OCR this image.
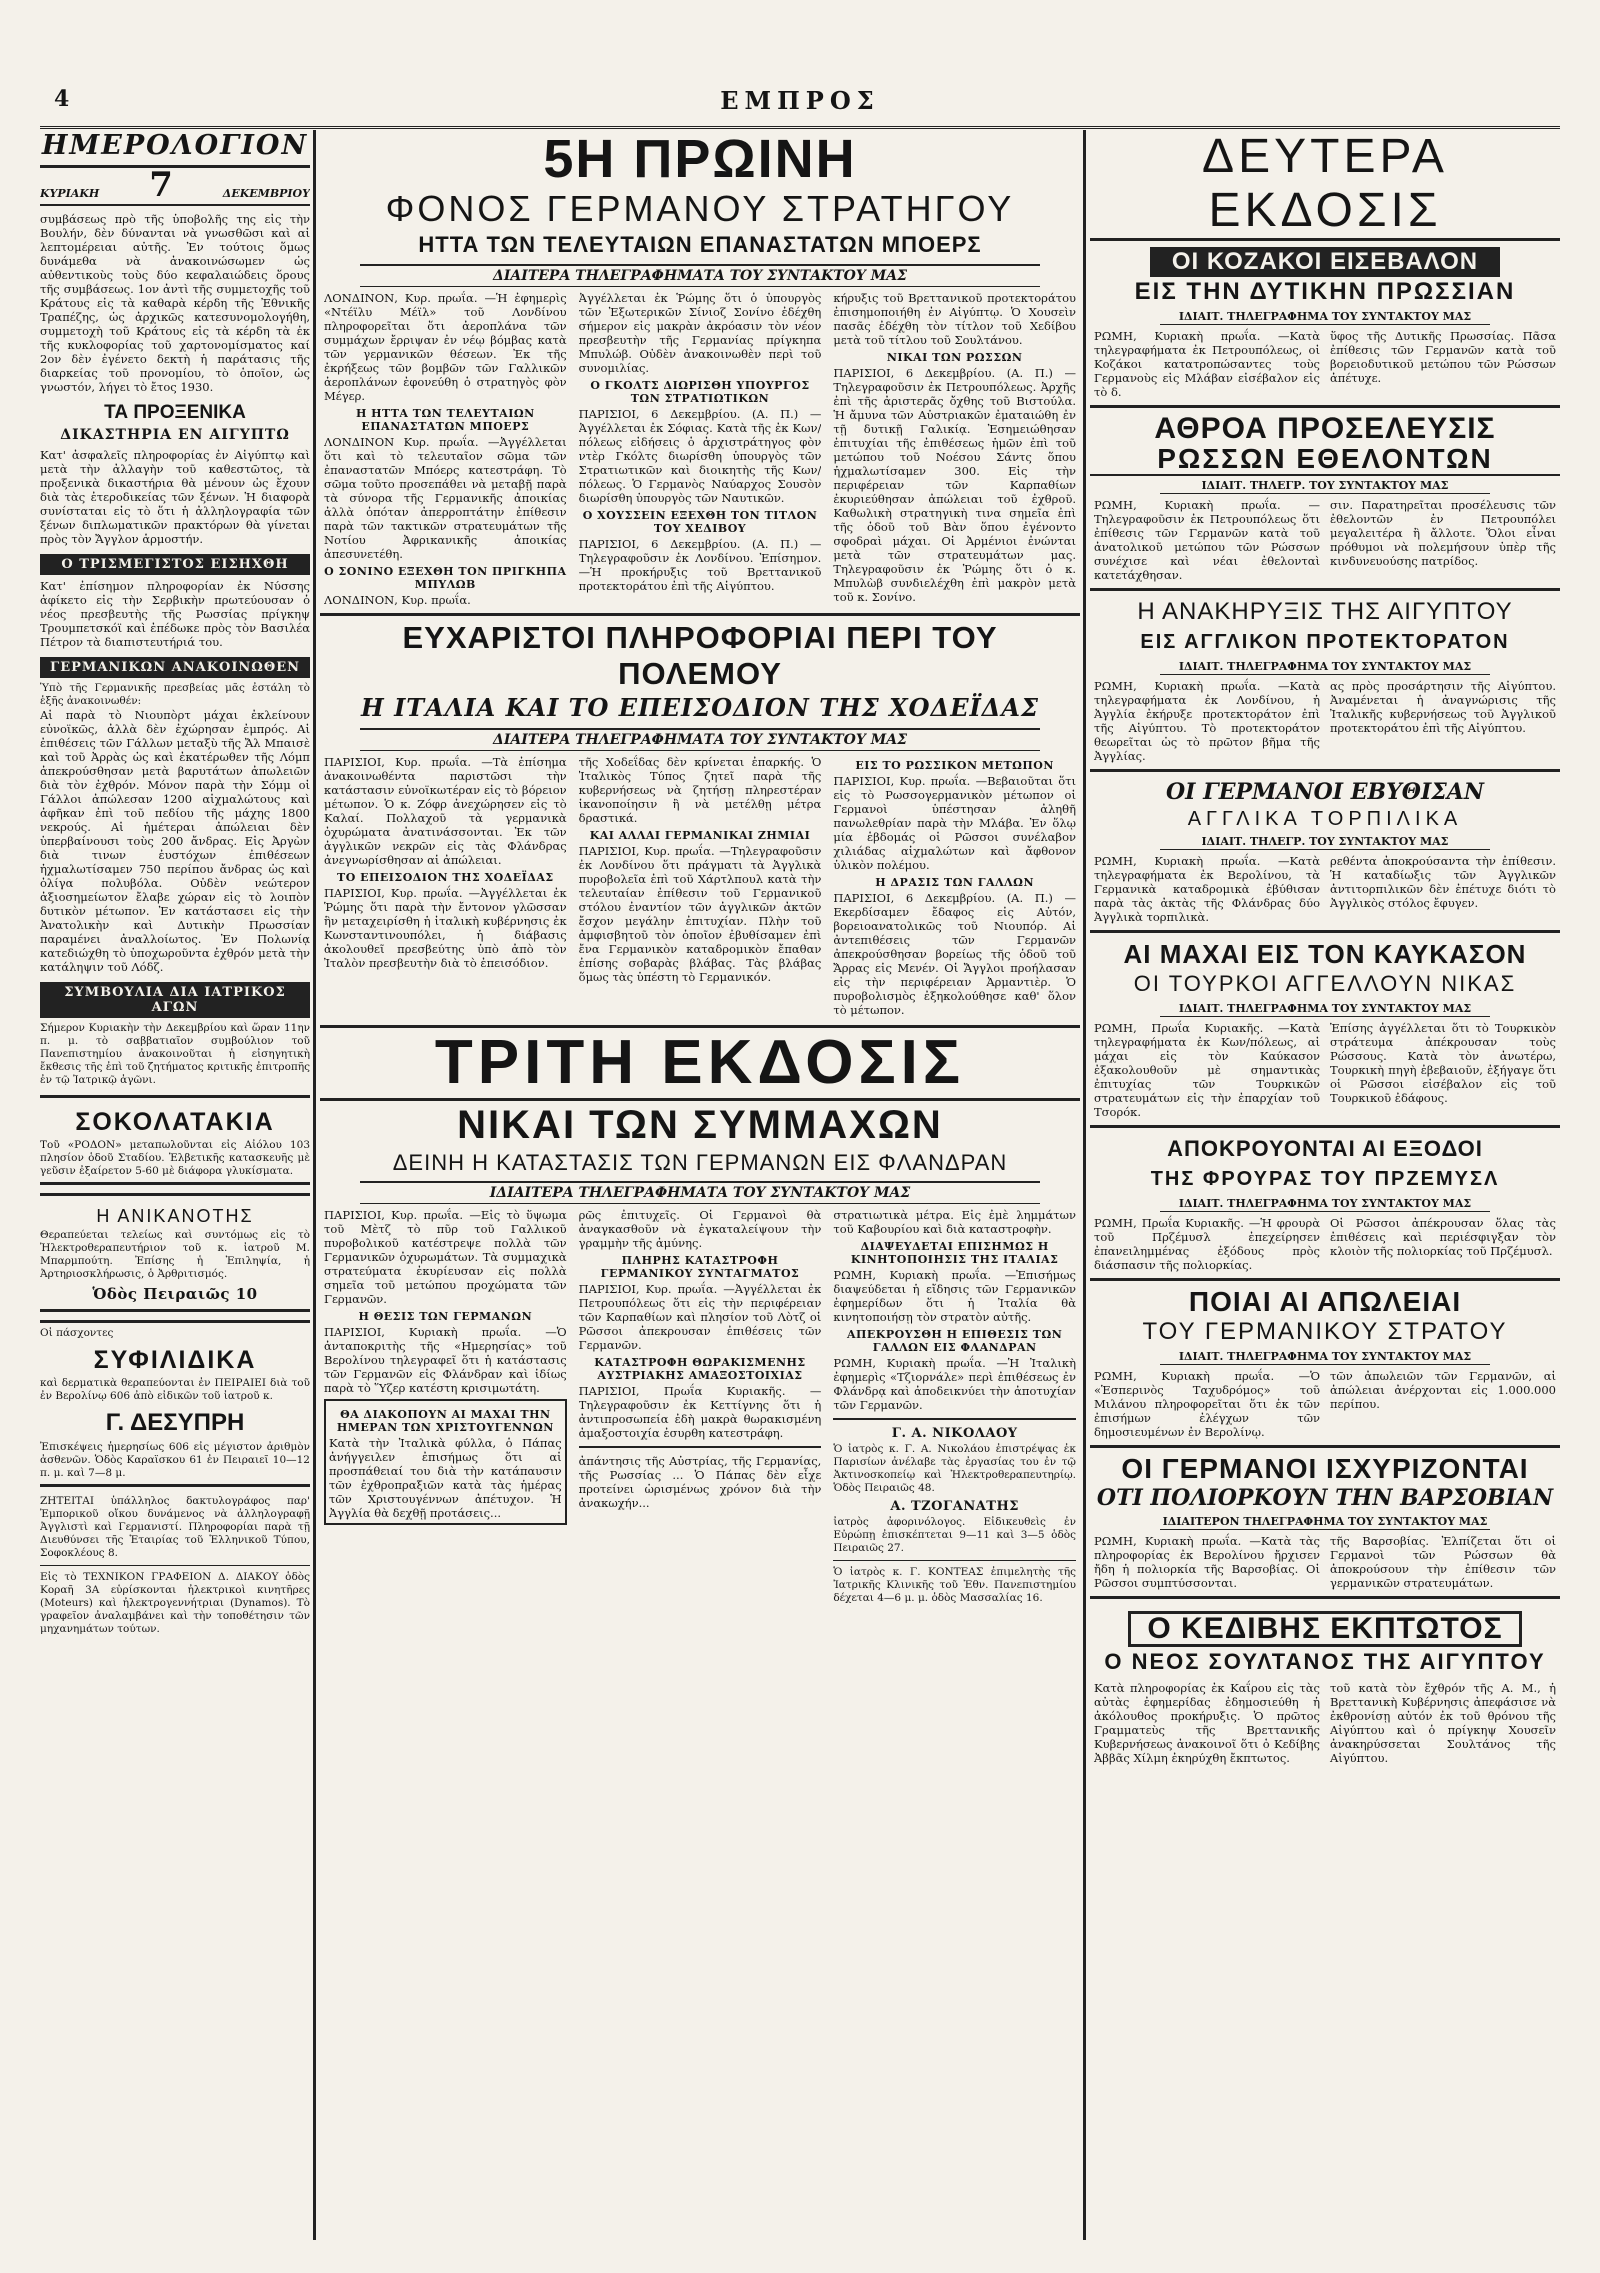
4	ΕΜΠΡΟΣ
ΗΜΕΡΟΛΟΓΙΟΝ
ΚΥΡΙΑΚΗ 7	ΔΕΚΕΜΒΡΙΟΥ

συμβάσεως πρὸ τῆς ὑποβολῆς της εἰς τὴν Βουλήν, δὲν δύνανται νὰ γνωσθῶσι καὶ αἱ λεπτομέρειαι αὐτῆς. Ἐν τούτοις ὅμως δυνάμεθα νὰ ἀνακοινώσωμεν ὡς αὐθεντικοὺς τοὺς δύο κεφαλαιώδεις ὅρους τῆς συμβάσεως. 1ον ἀντὶ τῆς συμμετοχῆς τοῦ Κράτους εἰς τὰ καθαρὰ κέρδη τῆς Ἐθνικῆς Τραπέζης, ὡς ἀρχικῶς κατεσυνομολογήθη, συμμετοχὴ τοῦ Κράτους εἰς τὰ κέρδη τὰ ἐκ τῆς κυκλοφορίας τοῦ χαρτονομίσματος καί 2ον δὲν ἐγένετο δεκτὴ ἡ παράτασις τῆς διαρκείας τοῦ προνομίου, τὸ ὁποῖον, ὡς γνωστόν, λήγει τὸ ἔτος 1930.

ΤΑ ΠΡΟΞΕΝΙΚΑ
ΔΙΚΑΣΤΗΡΙΑ ΕΝ ΑΙΓΥΠΤΩ

Κατ' ἀσφαλεῖς πληροφορίας ἐν Αἰγύπτῳ καὶ μετὰ τὴν ἀλλαγὴν τοῦ καθεστῶτος, τὰ προξενικὰ δικαστήρια θὰ μένουν ὡς ἔχουν διὰ τὰς ἐτεροδικείας τῶν ξένων. Ἡ διαφορὰ συνίσταται εἰς τὸ ὅτι ἡ ἀλληλογραφία τῶν ξένων διπλωματικῶν πρακτόρων θὰ γίνεται πρὸς τὸν Ἄγγλον ἁρμοστήν.

Ο ΤΡΙΣΜΕΓΙΣΤΟΣ ΕΙΣΗΧΘΗ

Κατ' ἐπίσημον πληροφορίαν ἐκ Νύσσης ἀφίκετο εἰς τὴν Σερβικὴν πρωτεύουσαν ὁ νέος πρεσβευτὴς τῆς Ρωσσίας πρίγκηψ Τρουμπετσκόϊ καὶ ἐπέδωκε πρὸς τὸν Βασιλέα Πέτρον τὰ διαπιστευτήριά του.

ΓΕΡΜΑΝΙΚΩΝ ΑΝΑΚΟΙΝΩΘΕΝ

Ὑπὸ τῆς Γερμανικῆς πρεσβείας μᾶς ἐστάλη τὸ ἑξῆς ἀνακοινωθέν:

Αἱ παρὰ τὸ Νιουπὸρτ μάχαι ἐκλείνουν εὐνοϊκῶς, ἀλλὰ δὲν ἐχώρησαν ἐμπρός. Αἱ ἐπιθέσεις τῶν Γάλλων μεταξὺ τῆς Ἄλ Μπαισὲ καὶ τοῦ Ἀρρὰς ὡς καὶ ἐκατέρωθεν τῆς Λόμπ ἀπεκρούσθησαν μετὰ βαρυτάτων ἀπωλειῶν διὰ τὸν ἐχθρόν. Μόνον παρὰ τὴν Σόμμ οἱ Γάλλοι ἀπώλεσαν 1200 αἰχμαλώτους καὶ ἀφῆκαν ἐπὶ τοῦ πεδίου τῆς μάχης 1800 νεκρούς. Αἱ ἡμέτεραι ἀπώλειαι δὲν ὑπερβαίνουσι τοὺς 200 ἄνδρας. Εἰς Ἀργὼν διὰ τινων ἐυστόχων ἐπιθέσεων ἠχμαλωτίσαμεν 750 περίπου ἄνδρας ὡς καὶ ὀλίγα πολυβόλα. Οὐδὲν νεώτερον ἀξιοσημείωτον ἔλαβε χώραν εἰς τὸ λοιπὸν δυτικὸν μέτωπον. Ἐν κατάστασει εἰς τὴν Ἀνατολικὴν καὶ Δυτικὴν Πρωσσίαν παραμένει ἀναλλοίωτος. Ἐν Πολωνίᾳ κατεδιώχθη τὸ ὑποχωροῦντα ἐχθρόν μετὰ τὴν κατάληψιν τοῦ Λόδζ.

ΣΥΜΒΟΥΛΙΑ ΔΙΑ ΙΑΤΡΙΚΟΣ ΑΓΩΝ

Σήμερον Κυριακὴν τὴν Δεκεμβρίου καὶ ὥραν 11ην π. μ. τὸ σαββατιαῖον συμβούλιον τοῦ Πανεπιστημίου ἀνακοινοῦται ἡ εἰσηγητικὴ ἔκθεσις τῆς ἐπὶ τοῦ ζητήματος κριτικῆς ἐπιτροπῆς ἐν τῷ Ἰατρικῷ ἀγῶνι.

ΣΟΚΟΛΑΤΑΚΙΑ

Τοῦ «ΡΟΔΟΝ» μεταπωλοῦνται εἰς Αἰόλου 103 πλησίον ὁδοῦ Σταδίου. Ἑλβετικῆς κατασκευῆς μὲ γεῦσιν ἐξαίρετον 5-60 μὲ διάφορα γλυκίσματα.

Η ΑΝΙΚΑΝΟΤΗΣ

Θεραπεύεται τελείως καὶ συντόμως εἰς τὸ Ἠλεκτροθεραπευτήριον τοῦ κ. ἰατροῦ Μ. Μπαρμπούτη. Ἐπίσης ἡ Ἐπιληψία, ἡ Ἀρτηριοσκλήρωσις, ὁ Ἀρθριτισμός.

Ὁδὸς Πειραιῶς 10

Οἱ πάσχοντες

ΣΥΦΙΛΙΔΙΚΑ

καὶ δερματικὰ θεραπεύονται ἐν ΠΕΙΡΑΙΕΙ διὰ τοῦ ἐν Βερολίνῳ 606 ἀπὸ εἰδικῶν τοῦ ἰατροῦ κ.

Γ. ΔΕΣΥΠΡΗ

Ἐπισκέψεις ἡμερησίως 606 εἰς μέγιστον ἀριθμὸν ἀσθενῶν. Ὁδὸς Καραϊσκου 61 ἐν Πειραιεῖ 10—12 π. μ. καὶ 7—8 μ.

ΖΗΤΕΙΤΑΙ ὑπάλληλος δακτυλογράφος παρ' Ἐμπορικοῦ οἴκου δυνάμενος νὰ ἀλληλογραφῇ Ἀγγλιστὶ καὶ Γερμανιστί. Πληροφορίαι παρὰ τῇ Διευθύνσει τῆς Ἑταιρίας τοῦ Ἑλληνικοῦ Τύπου, Σοφοκλέους 8.

Εἰς τὸ ΤΕΧΝΙΚΟΝ ΓΡΑΦΕΙΟΝ Δ. ΔΙΑΚΟΥ ὁδὸς Κοραῆ 3Α εὑρίσκονται ἠλεκτρικοὶ κινητῆρες (Moteurs) καὶ ἠλεκτρογεννήτριαι (Dynamos). Τὸ γραφεῖον ἀναλαμβάνει καὶ τὴν τοποθέτησιν τῶν μηχανημάτων τούτων.

5Η ΠΡΩΙΝΗ
ΦΟΝΟΣ ΓΕΡΜΑΝΟΥ ΣΤΡΑΤΗΓΟΥ
ΗΤΤΑ ΤΩΝ ΤΕΛΕΥΤΑΙΩΝ ΕΠΑΝΑΣΤΑΤΩΝ ΜΠΟΕΡΣ
ΔΙΑΙΤΕΡΑ ΤΗΛΕΓΡΑΦΗΜΑΤΑ ΤΟΥ ΣΥΝΤΑΚΤΟΥ ΜΑΣ

ΛΟΝΔΙΝΟΝ, Κυρ. πρωΐα. —Ἡ ἐφημερὶς «Ντέϊλυ Μέϊλ» τοῦ Λονδίνου πληροφορεῖται ὅτι ἀεροπλάνα τῶν συμμάχων ἔρριψαν ἐν νέῳ βόμβας κατὰ τῶν γερμανικῶν θέσεων. Ἐκ τῆς ἐκρήξεως τῶν βομβῶν τῶν Γαλλικῶν ἀεροπλάνων ἐφονεύθη ὁ στρατηγὸς φὸν Μέγερ.

Η ΗΤΤΑ ΤΩΝ ΤΕΛΕΥΤΑΙΩΝ ΕΠΑΝΑΣΤΑΤΩΝ ΜΠΟΕΡΣ

ΛΟΝΔΙΝΟΝ Κυρ. πρωΐα. —Ἀγγέλλεται ὅτι καὶ τὸ τελευταῖον σῶμα τῶν ἐπαναστατῶν Μπόερς κατεστράφη. Τὸ σῶμα τοῦτο προσεπάθει νὰ μεταβῇ παρὰ τὰ σύνορα τῆς Γερμανικῆς ἀποικίας ἀλλὰ ὁπόταν ἀπερροπτάτην ἐπίθεσιν παρὰ τῶν τακτικῶν στρατευμάτων τῆς Νοτίου Ἀφρικανικῆς ἀποικίας ἀπεσυνετέθη.

Ο ΣΟΝΙΝΟ ΕΞΕΧΘΗ ΤΟΝ ΠΡΙΓΚΗΠΑ ΜΠΥΛΩΒ

ΛΟΝΔΙΝΟΝ, Κυρ. πρωΐα.

Ἀγγέλλεται ἐκ Ῥώμης ὅτι ὁ ὑπουργὸς τῶν Ἐξωτερικῶν Σίνιοζ Σονίνο ἐδέχθη σήμερον εἰς μακρὰν ἀκρόασιν τὸν νέον πρεσβευτὴν τῆς Γερμανίας πρίγκηπα Μπυλώβ. Οὐδὲν ἀνακοινωθὲν περὶ τοῦ συνομιλίας.

Ο ΓΚΟΛΤΣ ΔΙΩΡΙΣΘΗ ΥΠΟΥΡΓΟΣ ΤΩΝ ΣΤΡΑΤΙΩΤΙΚΩΝ

ΠΑΡΙΣΙΟΙ, 6 Δεκεμβρίου. (Α. Π.) —Ἀγγέλλεται ἐκ Σόφιας. Κατὰ τῆς ἐκ Κων/πόλεως εἰδήσεις ὁ ἀρχιστράτηγος φὸν ντὲρ Γκόλτς διωρίσθη ὑπουργὸς τῶν Στρατιωτικῶν καὶ διοικητὴς τῆς Κων/πόλεως. Ὁ Γερμανὸς Ναύαρχος Σουσὸν διωρίσθη ὑπουργὸς τῶν Ναυτικῶν.

Ο ΧΟΥΣΣΕΙΝ ΕΞΕΧΘΗ ΤΟΝ ΤΙΤΛΟΝ ΤΟΥ ΧΕΔΙΒΟΥ

ΠΑΡΙΣΙΟΙ, 6 Δεκεμβρίου. (Α. Π.) —Τηλεγραφοῦσιν ἐκ Λονδίνου. Ἐπίσημον. —Ἡ προκήρυξις τοῦ Βρεττανικοῦ προτεκτοράτου ἐπὶ τῆς Αἰγύπτου.

κήρυξις τοῦ Βρεττανικοῦ προτεκτοράτου ἐπισημοποιήθη ἐν Αἰγύπτῳ. Ὁ Χουσεὶν πασᾶς ἐδέχθη τὸν τίτλον τοῦ Χεδίβου μετὰ τοῦ τίτλου τοῦ Σουλτάνου.

ΝΙΚΑΙ ΤΩΝ ΡΩΣΣΩΝ

ΠΑΡΙΣΙΟΙ, 6 Δεκεμβρίου. (Α. Π.) —Τηλεγραφοῦσιν ἐκ Πετρουπόλεως. Ἀρχῆς ἐπὶ τῆς ἀριστερᾶς ὄχθης τοῦ Βιστούλα. Ἡ ἄμυνα τῶν Αὐστριακῶν ἐματαιώθη ἐν τῇ δυτικῇ Γαλικίᾳ. Ἐσημειώθησαν ἐπιτυχίαι τῆς ἐπιθέσεως ἡμῶν ἐπὶ τοῦ μετώπου τοῦ Νοέσου Σάντς ὅπου ἠχμαλωτίσαμεν 300. Εἰς τὴν περιφέρειαν τῶν Καρπαθίων ἐκυριεύθησαν ἀπώλειαι τοῦ ἐχθροῦ. Καθωλικὴ στρατηγικὴ τινα σημεῖα ἐπὶ τῆς ὁδοῦ τοῦ Βὰν ὅπου ἐγένοντο σφοδραὶ μάχαι. Οἱ Ἀρμένιοι ἐνώνται μετὰ τῶν στρατευμάτων μας. Τηλεγραφοῦσιν ἐκ Ῥώμης ὅτι ὁ κ. Μπυλὼβ συνδιελέχθη ἐπὶ μακρὸν μετὰ τοῦ κ. Σονίνο.

ΕΥΧΑΡΙΣΤΟΙ ΠΛΗΡΟΦΟΡΙΑΙ ΠΕΡΙ ΤΟΥ ΠΟΛΕΜΟΥ
Η ΙΤΑΛΙΑ ΚΑΙ ΤΟ ΕΠΕΙΣΟΔΙΟΝ ΤΗΣ ΧΟΔΕΪΔΑΣ
ΔΙΑΙΤΕΡΑ ΤΗΛΕΓΡΑΦΗΜΑΤΑ ΤΟΥ ΣΥΝΤΑΚΤΟΥ ΜΑΣ

ΠΑΡΙΣΙΟΙ, Κυρ. πρωΐα. —Τὰ ἐπίσημα ἀνακοινωθέντα παριστῶσι τὴν κατάστασιν εὐνοϊκωτέραν εἰς τὸ βόρειον μέτωπον. Ὁ κ. Ζόφρ ἀνεχώρησεν εἰς τὸ Καλαί. Πολλαχοῦ τὰ γερμανικὰ ὀχυρώματα ἀνατινάσσονται. Ἐκ τῶν ἀγγλικῶν νεκρῶν εἰς τὰς Φλάνδρας ἀνεγνωρίσθησαν αἱ ἀπώλειαι.

ΤΟ ΕΠΕΙΣΟΔΙΟΝ ΤΗΣ ΧΟΔΕΪΔΑΣ

ΠΑΡΙΣΙΟΙ, Κυρ. πρωΐα. —Ἀγγέλλεται ἐκ Ῥώμης ὅτι παρὰ τὴν ἔντονον γλῶσσαν ἣν μεταχειρίσθη ἡ ἰταλικὴ κυβέρνησις ἐκ Κωνσταντινουπόλει, ἡ διάβασις ἀκολουθεῖ πρεσβεύτης ὑπὸ ἀπὸ τὸν Ἰταλὸν πρεσβευτὴν διὰ τὸ ἐπεισόδιον.

τῆς Χοδεΐδας δὲν κρίνεται ἐπαρκής. Ὁ Ἰταλικὸς Τύπος ζητεῖ παρὰ τῆς κυβερνήσεως νὰ ζητήσῃ πληρεστέραν ἱκανοποίησιν ἢ νὰ μετέλθῃ μέτρα δραστικά.

ΚΑΙ ΑΛΛΑΙ ΓΕΡΜΑΝΙΚΑΙ ΖΗΜΙΑΙ

ΠΑΡΙΣΙΟΙ, Κυρ. πρωΐα. —Τηλεγραφοῦσιν ἐκ Λονδίνου ὅτι πράγματι τὰ Ἀγγλικὰ πυροβολεῖα ἐπὶ τοῦ Χάρτλπουλ κατὰ τὴν τελευταίαν ἐπίθεσιν τοῦ Γερμανικοῦ στόλου ἐναντίον τῶν ἀγγλικῶν ἀκτῶν ἔσχον μεγάλην ἐπιτυχίαν. Πλὴν τοῦ ἀμφισβητοῦ τὸν ὁποῖον ἐβυθίσαμεν ἐπὶ ἔνα Γερμανικὸν καταδρομικὸν ἔπαθαν ἐπίσης σοβαρὰς βλάβας. Τὰς βλάβας ὅμως τὰς ὑπέστη τὸ Γερμανικόν.

ΕΙΣ ΤΟ ΡΩΣΣΙΚΟΝ ΜΕΤΩΠΟΝ

ΠΑΡΙΣΙΟΙ, Κυρ. πρωΐα. —Βεβαιοῦται ὅτι εἰς τὸ Ρωσσογερμανικὸν μέτωπον οἱ Γερμανοὶ ὑπέστησαν ἀληθῆ πανωλεθρίαν παρὰ τὴν Μλάβα. Ἐν ὅλῳ μία ἑβδομάς οἱ Ρῶσσοι συνέλαβον χιλιάδας αἰχμαλώτων καὶ ἄφθονον ὑλικὸν πολέμου.

Η ΔΡΑΣΙΣ ΤΩΝ ΓΑΛΛΩΝ

ΠΑΡΙΣΙΟΙ, 6 Δεκεμβρίου. (Α. Π.) —Εκερδίσαμεν ἔδαφος εἰς Αὐτόν, βορειοανατολικῶς τοῦ Νιουπόρ. Αἱ ἀντεπιθέσεις τῶν Γερμανῶν ἀπεκρούσθησαν βορείως τῆς ὁδοῦ τοῦ Ἄρρας εἰς Μενέν. Οἱ Ἄγγλοι προήλασαν εἰς τὴν περιφέρειαν Ἀρμαντιὲρ. Ὁ πυροβολισμὸς ἐξηκολούθησε καθ' ὅλον τὸ μέτωπον.

ΤΡΙΤΗ ΕΚΔΟΣΙΣ
ΝΙΚΑΙ ΤΩΝ ΣΥΜΜΑΧΩΝ
ΔΕΙΝΗ Η ΚΑΤΑΣΤΑΣΙΣ ΤΩΝ ΓΕΡΜΑΝΩΝ ΕΙΣ ΦΛΑΝΔΡΑΝ
ΙΔΙΑΙΤΕΡΑ ΤΗΛΕΓΡΑΦΗΜΑΤΑ ΤΟΥ ΣΥΝΤΑΚΤΟΥ ΜΑΣ

ΠΑΡΙΣΙΟΙ, Κυρ. πρωΐα. —Εἰς τὸ ὕψωμα τοῦ Μὲτζ τὸ πῦρ τοῦ Γαλλικοῦ πυροβολικοῦ κατέστρεψε πολλὰ τῶν Γερμανικῶν ὀχυρωμάτων. Τὰ συμμαχικὰ στρατεύματα ἐκυρίευσαν εἰς πολλὰ σημεῖα τοῦ μετώπου προχώματα τῶν Γερμανῶν.

Η ΘΕΣΙΣ ΤΩΝ ΓΕΡΜΑΝΩΝ

ΠΑΡΙΣΙΟΙ, Κυριακὴ πρωΐα. —Ὁ ἀνταποκριτὴς τῆς «Ημερησίας» τοῦ Βερολίνου τηλεγραφεῖ ὅτι ἡ κατάστασις τῶν Γερμανῶν εἰς Φλάνδραν καὶ ἰδίως παρὰ τὸ Ὕζερ κατέστη κρισιμωτάτη.

ΘΑ ΔΙΑΚΟΠΟΥΝ ΑΙ ΜΑΧΑΙ ΤΗΝ ΗΜΕΡΑΝ ΤΩΝ ΧΡΙΣΤΟΥΓΕΝΝΩΝ

Κατὰ τὴν Ἰταλικὰ φύλλα, ὁ Πάπας ἀνήγγειλεν ἐπισήμως ὅτι αἱ προσπάθειαί του διὰ τὴν κατάπαυσιν τῶν ἐχθροπραξιῶν κατὰ τὰς ἡμέρας τῶν Χριστουγέννων ἀπέτυχον. Ἡ Ἀγγλία θὰ δεχθῇ προτάσεις...

ρῶς ἐπιτυχεῖς. Οἱ Γερμανοὶ θὰ ἀναγκασθοῦν νὰ ἐγκαταλείψουν τὴν γραμμὴν τῆς ἀμύνης.

ΠΛΗΡΗΣ ΚΑΤΑΣΤΡΟΦΗ ΓΕΡΜΑΝΙΚΟΥ ΣΥΝΤΑΓΜΑΤΟΣ

ΠΑΡΙΣΙΟΙ, Κυρ. πρωΐα. —Ἀγγέλλεται ἐκ Πετρουπόλεως ὅτι εἰς τὴν περιφέρειαν τῶν Καρπαθίων καὶ πλησίον τοῦ Λὸτζ οἱ Ρῶσσοι ἀπεκρουσαν ἐπιθέσεις τῶν Γερμανῶν.

ΚΑΤΑΣΤΡΟΦΗ ΘΩΡΑΚΙΣΜΕΝΗΣ ΑΥΣΤΡΙΑΚΗΣ ΑΜΑΞΟΣΤΟΙΧΙΑΣ

ΠΑΡΙΣΙΟΙ, Πρωΐα Κυριακῆς. —Τηλεγραφοῦσιν ἐκ Κεττίγνης ὅτι ἡ ἀντιπροσωπεία ἐδὴ μακρὰ θωρακισμένη ἀμαξοστοιχία ἐσυρθη κατεστράφη.

ἀπάντησις τῆς Αὐστρίας, τῆς Γερμανίας, τῆς Ρωσσίας ... Ὁ Πάπας δὲν εἶχε προτείνει ὡρισμένως χρόνον διὰ τὴν ἀνακωχήν...

στρατιωτικὰ μέτρα. Εἰς ἐμὲ λημμάτων τοῦ Καβουρίου καὶ διὰ καταστροφὴν.

ΔΙΑΨΕΥΔΕΤΑΙ ΕΠΙΣΗΜΩΣ Η ΚΙΝΗΤΟΠΟΙΗΣΙΣ ΤΗΣ ΙΤΑΛΙΑΣ

ΡΩΜΗ, Κυριακὴ πρωΐα. —Ἐπισήμως διαψεύδεται ἡ εἴδησις τῶν Γερμανικῶν ἐφημερίδων ὅτι ἡ Ἰταλία θὰ κινητοποιήσῃ τὸν στρατὸν αὐτῆς.

ΑΠΕΚΡΟΥΣΘΗ Η ΕΠΙΘΕΣΙΣ ΤΩΝ ΓΑΛΛΩΝ ΕΙΣ ΦΛΑΝΔΡΑΝ

ΡΩΜΗ, Κυριακὴ πρωΐα. —Ἡ Ἰταλικὴ ἐφημερὶς «Τζιορνάλε» περὶ ἐπιθέσεως ἐν Φλάνδρᾳ καὶ ἀποδεικνύει τὴν ἀποτυχίαν τῶν Γερμανῶν.

Γ. Α. ΝΙΚΟΛΑΟΥ

Ὁ ἰατρὸς κ. Γ. Α. Νικολάου ἐπιστρέψας ἐκ Παρισίων ἀνέλαβε τὰς ἐργασίας του ἐν τῷ Ἀκτινοσκοπείῳ καὶ Ἠλεκτροθεραπευτηρίῳ. Ὁδὸς Πειραιῶς 48.

Α. ΤΖΟΓΑΝΑΤΗΣ

ἰατρὸς ἀφορινόλογος. Εἰδικευθεὶς ἐν Εὐρώπῃ ἐπισκέπτεται 9—11 καὶ 3—5 ὁδὸς Πειραιῶς 27.

Ὁ ἰατρὸς κ. Γ. ΚΟΝΤΕΑΣ ἐπιμελητὴς τῆς Ἰατρικῆς Κλινικῆς τοῦ Ἐθν. Πανεπιστημίου δέχεται 4—6 μ. μ. ὁδὸς Μασσαλίας 16.

ΔΕΥΤΕΡΑ ΕΚΔΟΣΙΣ
ΟΙ ΚΟΖΑΚΟΙ ΕΙΣΕΒΑΛΟΝ
ΕΙΣ ΤΗΝ ΔΥΤΙΚΗΝ ΠΡΩΣΣΙΑΝ
ΙΔΙΑΙΤ. ΤΗΛΕΓΡΑΦΗΜΑ ΤΟΥ ΣΥΝΤΑΚΤΟΥ ΜΑΣ

ΡΩΜΗ, Κυριακὴ πρωΐα. —Κατὰ τηλεγραφήματα ἐκ Πετρουπόλεως, οἱ Κοζάκοι κατατροπώσαντες τοὺς Γερμανοὺς εἰς Μλάβαν εἰσέβαλον εἰς τὸ δ.

ὕφος τῆς Δυτικῆς Πρωσσίας. Πᾶσα ἐπίθεσις τῶν Γερμανῶν κατὰ τοῦ βορειοδυτικοῦ μετώπου τῶν Ρώσσων ἀπέτυχε.

ΑΘΡΟΑ ΠΡΟΣΕΛΕΥΣΙΣ
ΡΩΣΣΩΝ ΕΘΕΛΟΝΤΩΝ
ΙΔΙΑΙΤ. ΤΗΛΕΓΡ. ΤΟΥ ΣΥΝΤΑΚΤΟΥ ΜΑΣ

ΡΩΜΗ, Κυριακὴ πρωΐα. —Τηλεγραφοῦσιν ἐκ Πετρουπόλεως ὅτι ἐπίθεσις τῶν Γερμανῶν κατὰ τοῦ ἀνατολικοῦ μετώπου τῶν Ρώσσων συνέχισε καὶ νέαι ἐθελονταὶ κατετάχθησαν.

σιν. Παρατηρεῖται προσέλευσις τῶν ἐθελοντῶν ἐν Πετρουπόλει μεγαλειτέρα ἢ ἄλλοτε. Ὅλοι εἶναι πρόθυμοι νὰ πολεμήσουν ὑπὲρ τῆς κινδυνευούσης πατρίδος.

Η ΑΝΑΚΗΡΥΞΙΣ ΤΗΣ ΑΙΓΥΠΤΟΥ
ΕΙΣ ΑΓΓΛΙΚΟΝ ΠΡΟΤΕΚΤΟΡΑΤΟΝ
ΙΔΙΑΙΤ. ΤΗΛΕΓΡΑΦΗΜΑ ΤΟΥ ΣΥΝΤΑΚΤΟΥ ΜΑΣ

ΡΩΜΗ, Κυριακὴ πρωΐα. —Κατὰ τηλεγραφήματα ἐκ Λονδίνου, ἡ Ἀγγλία ἐκήρυξε προτεκτοράτον ἐπὶ τῆς Αἰγύπτου. Τὸ προτεκτοράτον θεωρεῖται ὡς τὸ πρῶτον βῆμα τῆς Ἀγγλίας.

ας πρὸς προσάρτησιν τῆς Αἰγύπτου. Ἀναμένεται ἡ ἀναγνώρισις τῆς Ἰταλικῆς κυβερνήσεως τοῦ Ἀγγλικοῦ προτεκτοράτου ἐπὶ τῆς Αἰγύπτου.

ΟΙ ΓΕΡΜΑΝΟΙ ΕΒΥΘΙΣΑΝ
ΑΓΓΛΙΚΑ ΤΟΡΠΙΛΙΚΑ
ΙΔΙΑΙΤ. ΤΗΛΕΓΡ. ΤΟΥ ΣΥΝΤΑΚΤΟΥ ΜΑΣ

ΡΩΜΗ, Κυριακὴ πρωΐα. —Κατὰ τηλεγραφήματα ἐκ Βερολίνου, τὰ Γερμανικὰ καταδρομικὰ ἐβύθισαν παρὰ τὰς ἀκτὰς τῆς Φλάνδρας δύο Ἀγγλικὰ τορπιλικὰ.

ρεθέντα ἀποκρούσαντα τὴν ἐπίθεσιν. Ἡ καταδίωξις τῶν Ἀγγλικῶν ἀντιτορπιλικῶν δὲν ἐπέτυχε διότι τὸ Ἀγγλικὸς στόλος ἔφυγεν.

ΑΙ ΜΑΧΑΙ ΕΙΣ ΤΟΝ ΚΑΥΚΑΣΟΝ
ΟΙ ΤΟΥΡΚΟΙ ΑΓΓΕΛΛΟΥΝ ΝΙΚΑΣ
ΙΔΙΑΙΤ. ΤΗΛΕΓΡΑΦΗΜΑ ΤΟΥ ΣΥΝΤΑΚΤΟΥ ΜΑΣ

ΡΩΜΗ, Πρωΐα Κυριακῆς. —Κατὰ τηλεγραφήματα ἐκ Κων/πόλεως, αἱ μάχαι εἰς τὸν Καύκασον ἐξακολουθοῦν μὲ σημαντικὰς ἐπιτυχίας τῶν Τουρκικῶν στρατευμάτων εἰς τὴν ἐπαρχίαν τοῦ Τσορόκ.

Ἐπίσης ἀγγέλλεται ὅτι τὸ Τουρκικὸν στράτευμα ἀπέκρουσαν τοὺς Ρώσσους. Κατὰ τὸν ἀνωτέρω, Τουρκικὴ πηγὴ ἐβεβαιοῦν, ἐξήγαγε ὅτι οἱ Ρῶσσοι εἰσέβαλον εἰς τοῦ Τουρκικοῦ ἐδάφους.

ΑΠΟΚΡΟΥΟΝΤΑΙ ΑΙ ΕΞΟΔΟΙ
ΤΗΣ ΦΡΟΥΡΑΣ ΤΟΥ ΠΡΖΕΜΥΣΛ
ΙΔΙΑΙΤ. ΤΗΛΕΓΡΑΦΗΜΑ ΤΟΥ ΣΥΝΤΑΚΤΟΥ ΜΑΣ

ΡΩΜΗ, Πρωΐα Κυριακῆς. —Ἡ φρουρὰ τοῦ Πρζέμυσλ ἐπεχείρησεν ἐπανειλημμένας ἐξόδους πρὸς διάσπασιν τῆς πολιορκίας.

Οἱ Ρῶσσοι ἀπέκρουσαν ὅλας τὰς ἐπιθέσεις καὶ περιέσφιγξαν τὸν κλοιὸν τῆς πολιορκίας τοῦ Πρζέμυσλ.

ΠΟΙΑΙ ΑΙ ΑΠΩΛΕΙΑΙ
ΤΟΥ ΓΕΡΜΑΝΙΚΟΥ ΣΤΡΑΤΟΥ
ΙΔΙΑΙΤ. ΤΗΛΕΓΡΑΦΗΜΑ ΤΟΥ ΣΥΝΤΑΚΤΟΥ ΜΑΣ

ΡΩΜΗ, Κυριακὴ πρωΐα. —Ὁ «Ἑσπερινὸς Ταχυδρόμος» τοῦ Μιλάνου πληροφορεῖται ὅτι ἐκ τῶν ἐπισήμων ἐλέγχων τῶν δημοσιευμένων ἐν Βερολίνῳ.

τῶν ἀπωλειῶν τῶν Γερμανῶν, αἱ ἀπώλειαι ἀνέρχονται εἰς 1.000.000 περίπου.

ΟΙ ΓΕΡΜΑΝΟΙ ΙΣΧΥΡΙΖΟΝΤΑΙ
ΟΤΙ ΠΟΛΙΟΡΚΟΥΝ ΤΗΝ ΒΑΡΣΟΒΙΑΝ
ΙΔΙΑΙΤΕΡΟΝ ΤΗΛΕΓΡΑΦΗΜΑ ΤΟΥ ΣΥΝΤΑΚΤΟΥ ΜΑΣ

ΡΩΜΗ, Κυριακὴ πρωΐα. —Κατὰ τὰς πληροφορίας ἐκ Βερολίνου ἤρχισεν ἤδη ἡ πολιορκία τῆς Βαρσοβίας. Οἱ Ρῶσσοι συμπτύσσονται.

τῆς Βαρσοβίας. Ἐλπίζεται ὅτι οἱ Γερμανοὶ τῶν Ρώσσων θὰ ἀποκρούσουν τὴν ἐπίθεσιν τῶν γερμανικῶν στρατευμάτων.

Ο ΚΕΔΙΒΗΣ ΕΚΠΤΩΤΟΣ
Ο ΝΕΟΣ ΣΟΥΛΤΑΝΟΣ ΤΗΣ ΑΙΓΥΠΤΟΥ

Κατὰ πληροφορίας ἐκ Καΐρου εἰς τὰς αὐτὰς ἐφημερίδας ἐδημοσιεύθη ἡ ἀκόλουθος προκήρυξις. Ὁ πρῶτος Γραμματεὺς τῆς Βρεττανικῆς Κυβερνήσεως ἀνακοινοῖ ὅτι ὁ Κεδίβης Ἀββᾶς Χίλμη ἐκηρύχθη ἔκπτωτος.

τοῦ κατὰ τὸν ἔχθρόν τῆς Α. Μ., ἡ Βρεττανικὴ Κυβέρνησις ἀπεφάσισε νὰ ἐκθρονίσῃ αὐτόν ἐκ τοῦ θρόνου τῆς Αἰγύπτου καὶ ὁ πρίγκηψ Χουσεῖν ἀνακηρύσσεται Σουλτάνος τῆς Αἰγύπτου.
